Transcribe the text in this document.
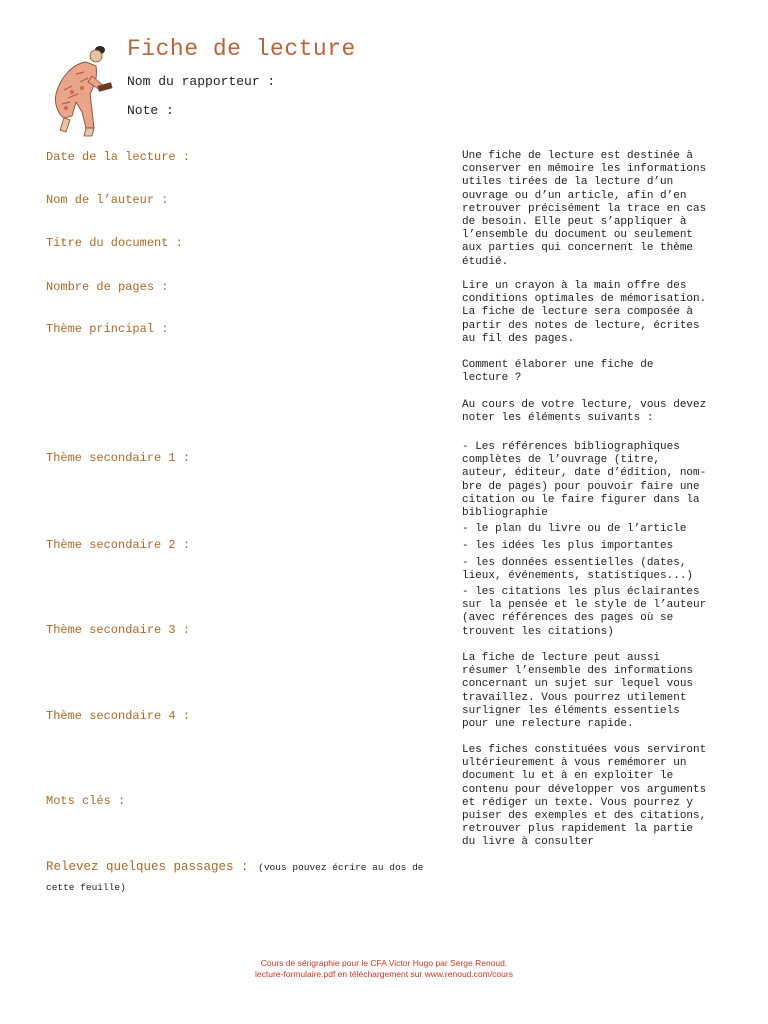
Fiche de lecture
Nom du rapporteur :
Note :
Date de la lecture :
Nom de l’auteur :
Titre du document :
Nombre de pages :
Thème principal :
Thème secondaire 1 :
Thème secondaire 2 :
Thème secondaire 3 :
Thème secondaire 4 :
Mots clés :
Relevez quelques passages : (vous pouvez écrire au dos de cette feuille)

Une fiche de lecture est destinée à

conserver en mémoire les informations

utiles tirées de la lecture d’un

ouvrage ou d’un article, afin d’en

retrouver précisément la trace en cas

de besoin. Elle peut s’appliquer à

l’ensemble du document ou seulement

aux parties qui concernent le thème

étudié.

Lire un crayon à la main offre des

conditions optimales de mémorisation.

La fiche de lecture sera composée à

partir des notes de lecture, écrites

au fil des pages.

Comment élaborer une fiche de

lecture ?

Au cours de votre lecture, vous devez

noter les éléments suivants :

- Les références bibliographiques

complètes de l’ouvrage (titre,

auteur, éditeur, date d’édition, nom-

bre de pages) pour pouvoir faire une

citation ou le faire figurer dans la

bibliographie

- le plan du livre ou de l’article

- les idées les plus importantes

- les données essentielles (dates,

lieux, événements, statistiques...)

- les citations les plus éclairantes

sur la pensée et le style de l’auteur

(avec références des pages où se

trouvent les citations)

La fiche de lecture peut aussi

résumer l’ensemble des informations

concernant un sujet sur lequel vous

travaillez. Vous pourrez utilement

surligner les éléments essentiels

pour une relecture rapide.

Les fiches constituées vous serviront

ultérieurement à vous remémorer un

document lu et à en exploiter le

contenu pour développer vos arguments

et rédiger un texte. Vous pourrez y

puiser des exemples et des citations,

retrouver plus rapidement la partie

du livre à consulter

Cours de sérigraphie pour le CFA Victor Hugo par Serge Renoud.
lecture-formulaire.pdf en téléchargement sur www.renoud.com/cours
